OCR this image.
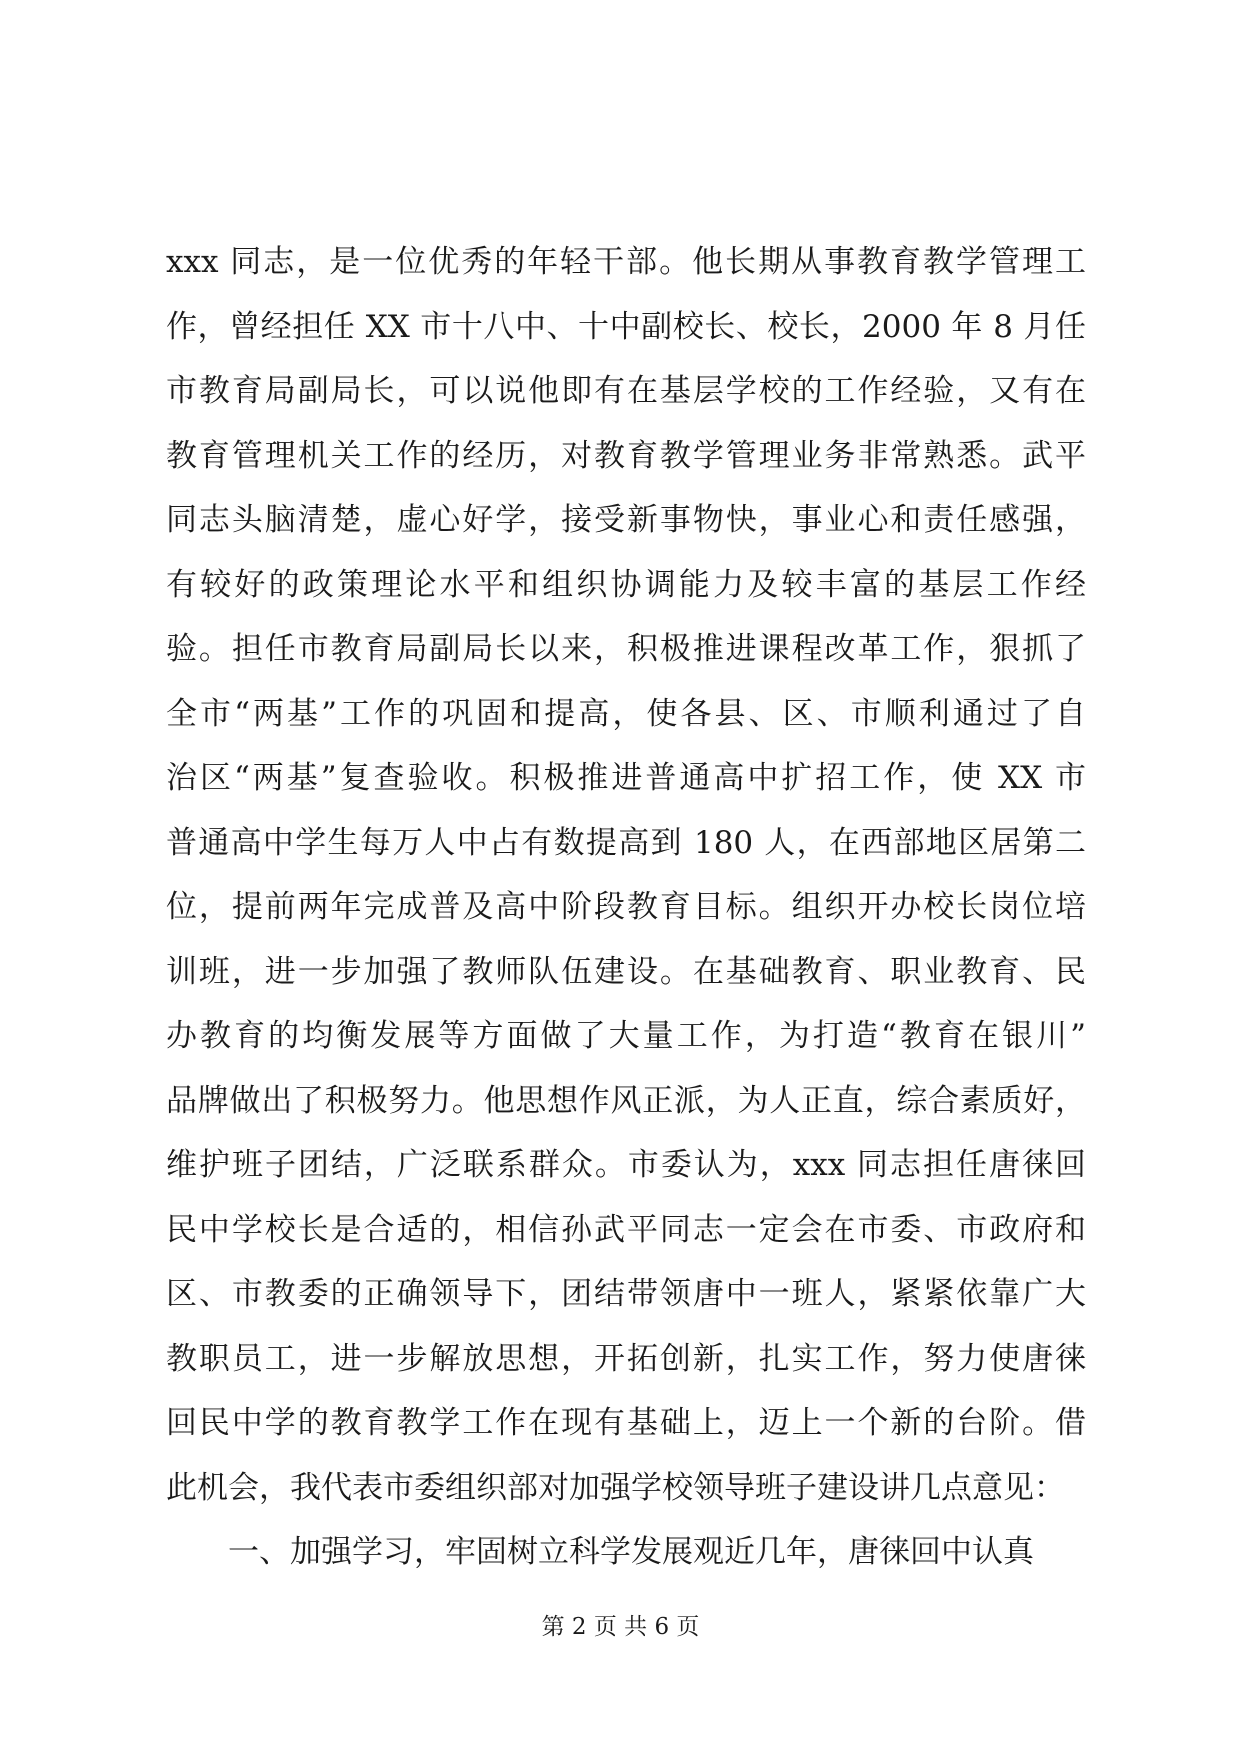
xxx 同志，是一位优秀的年轻干部。他长期从事教育教学管理工
作，曾经担任 XX 市十八中、十中副校长、校长，2000 年 8 月任
市教育局副局长，可以说他即有在基层学校的工作经验，又有在
教育管理机关工作的经历，对教育教学管理业务非常熟悉。武平
同志头脑清楚，虚心好学，接受新事物快，事业心和责任感强，
有较好的政策理论水平和组织协调能力及较丰富的基层工作经
验。担任市教育局副局长以来，积极推进课程改革工作，狠抓了
全市“两基”工作的巩固和提高，使各县、区、市顺利通过了自
治区“两基”复查验收。积极推进普通高中扩招工作，使 XX 市
普通高中学生每万人中占有数提高到 180 人，在西部地区居第二
位，提前两年完成普及高中阶段教育目标。组织开办校长岗位培
训班，进一步加强了教师队伍建设。在基础教育、职业教育、民
办教育的均衡发展等方面做了大量工作，为打造“教育在银川”
品牌做出了积极努力。他思想作风正派，为人正直，综合素质好，
维护班子团结，广泛联系群众。市委认为，xxx 同志担任唐徕回
民中学校长是合适的，相信孙武平同志一定会在市委、市政府和
区、市教委的正确领导下，团结带领唐中一班人，紧紧依靠广大
教职员工，进一步解放思想，开拓创新，扎实工作，努力使唐徕
回民中学的教育教学工作在现有基础上，迈上一个新的台阶。借
此机会，我代表市委组织部对加强学校领导班子建设讲几点意见：
一、加强学习，牢固树立科学发展观近几年，唐徕回中认真
第 2 页 共 6 页
